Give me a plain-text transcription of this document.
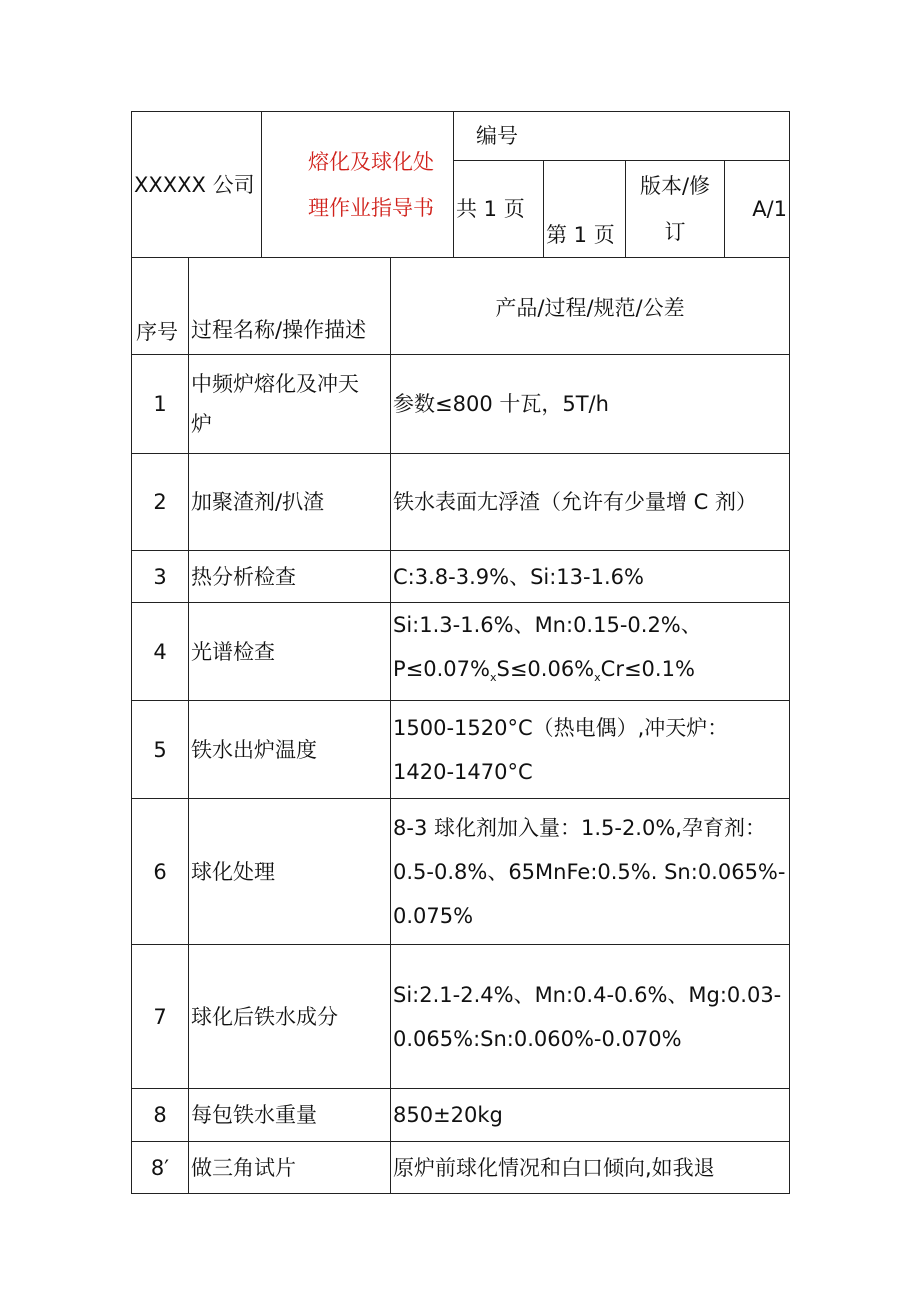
XXXXX 公司	熔化及球化处理作业指导书	编号			
		共 1 页	第 1 页	版本/修订	A/1
序号	过程名称/操作描述	产品/过程/规范/公差
1	中频炉熔化及冲天炉	参数≤800 十瓦，5T/h
2	加聚渣剂/扒渣	铁水表面尢浮渣（允许有少量增 C 剂）
3	热分析检查	C:3.8-3.9%、Si:13-1.6%
4	光谱检查	Si:1.3-1.6%、Mn:0.15-0.2%、
$P\le 0.07\%_xS\le 0.06\%_xCr\le 0.1\%$

5	铁水出炉温度	1500-1520°C（热电偶）,冲天炉：1420-1470°C
6	球化处理	8-3 球化剂加入量：1.5-2.0%,孕育剂： 0.5-0.8%、65MnFe:0.5%. Sn:0.065%-0.075%
7	球化后铁水成分	Si:2.1-2.4%、Mn:0.4-0.6%、Mg:0.03-0.065%:Sn:0.060%-0.070%
8	每包铁水重量	850±20kg
8′	做三角试片	原炉前球化情况和白口倾向,如我退
